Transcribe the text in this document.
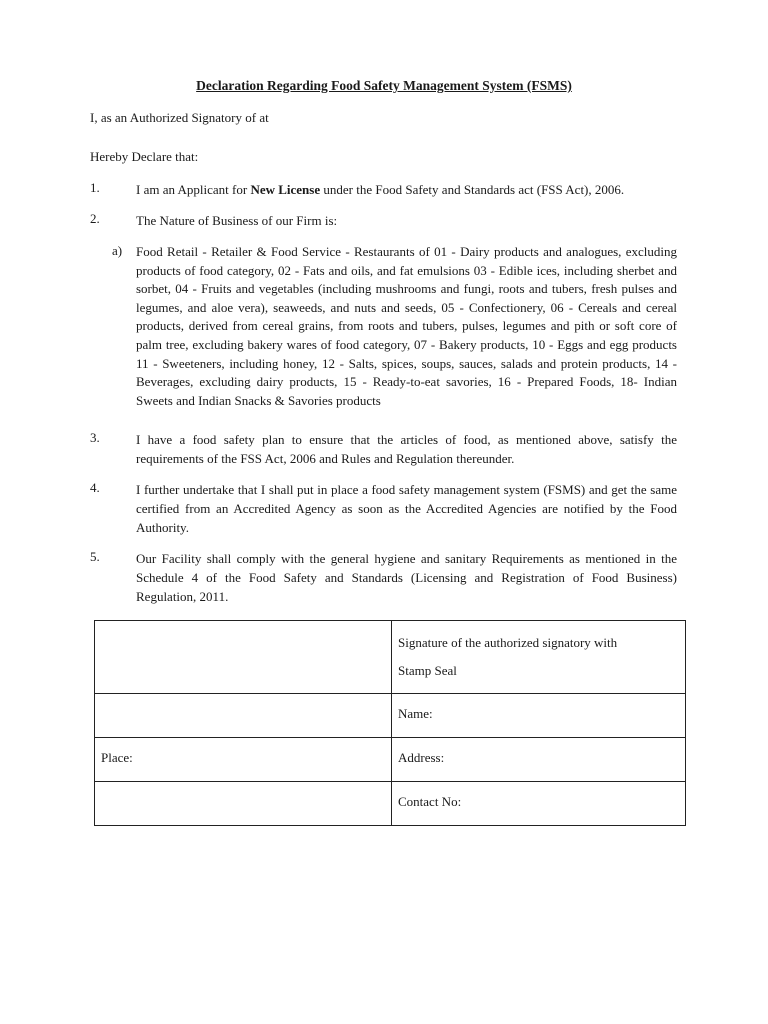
Declaration Regarding Food Safety Management System (FSMS)
I, as an Authorized Signatory of at
Hereby Declare that:
1.	I am an Applicant for New License under the Food Safety and Standards act (FSS Act), 2006.
2.	The Nature of Business of our Firm is:
a) Food Retail - Retailer & Food Service - Restaurants of 01 - Dairy products and analogues, excluding products of food category, 02 - Fats and oils, and fat emulsions 03 - Edible ices, including sherbet and sorbet, 04 - Fruits and vegetables (including mushrooms and fungi, roots and tubers, fresh pulses and legumes, and aloe vera), seaweeds, and nuts and seeds, 05 - Confectionery, 06 - Cereals and cereal products, derived from cereal grains, from roots and tubers, pulses, legumes and pith or soft core of palm tree, excluding bakery wares of food category, 07 - Bakery products, 10 - Eggs and egg products 11 - Sweeteners, including honey, 12 - Salts, spices, soups, sauces, salads and protein products, 14 - Beverages, excluding dairy products, 15 - Ready-to-eat savories, 16 - Prepared Foods, 18- Indian Sweets and Indian Snacks & Savories products
3.	I have a food safety plan to ensure that the articles of food, as mentioned above, satisfy the requirements of the FSS Act, 2006 and Rules and Regulation thereunder.
4.	I further undertake that I shall put in place a food safety management system (FSMS) and get the same certified from an Accredited Agency as soon as the Accredited Agencies are notified by the Food Authority.
5.	Our Facility shall comply with the general hygiene and sanitary Requirements as mentioned in the Schedule 4 of the Food Safety and Standards (Licensing and Registration of Food Business) Regulation, 2011.

	Signature of the authorized signatory with
Stamp Seal

	Name:

Place:	Address:

	Contact No:
